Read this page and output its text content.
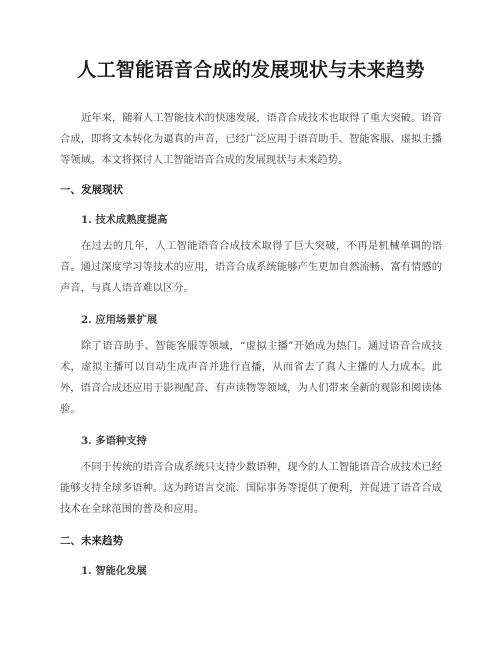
人工智能语音合成的发展现状与未来趋势

近年来，随着人工智能技术的快速发展，语音合成技术也取得了重大突破。语音合成，即将文本转化为逼真的声音，已经广泛应用于语音助手、智能客服、虚拟主播等领域。本文将探讨人工智能语音合成的发展现状与未来趋势。

一、发展现状
1. 技术成熟度提高

在过去的几年，人工智能语音合成技术取得了巨大突破，不再是机械单调的语音。通过深度学习等技术的应用，语音合成系统能够产生更加自然流畅、富有情感的声音，与真人语音难以区分。

2. 应用场景扩展

除了语音助手、智能客服等领域，“虚拟主播”开始成为热门。通过语音合成技术，虚拟主播可以自动生成声音并进行直播，从而省去了真人主播的人力成本。此外，语音合成还应用于影视配音、有声读物等领域，为人们带来全新的观影和阅读体验。

3. 多语种支持

不同于传统的语音合成系统只支持少数语种，现今的人工智能语音合成技术已经能够支持全球多语种。这为跨语言交流、国际事务等提供了便利，并促进了语音合成技术在全球范围的普及和应用。

二、未来趋势
1. 智能化发展
